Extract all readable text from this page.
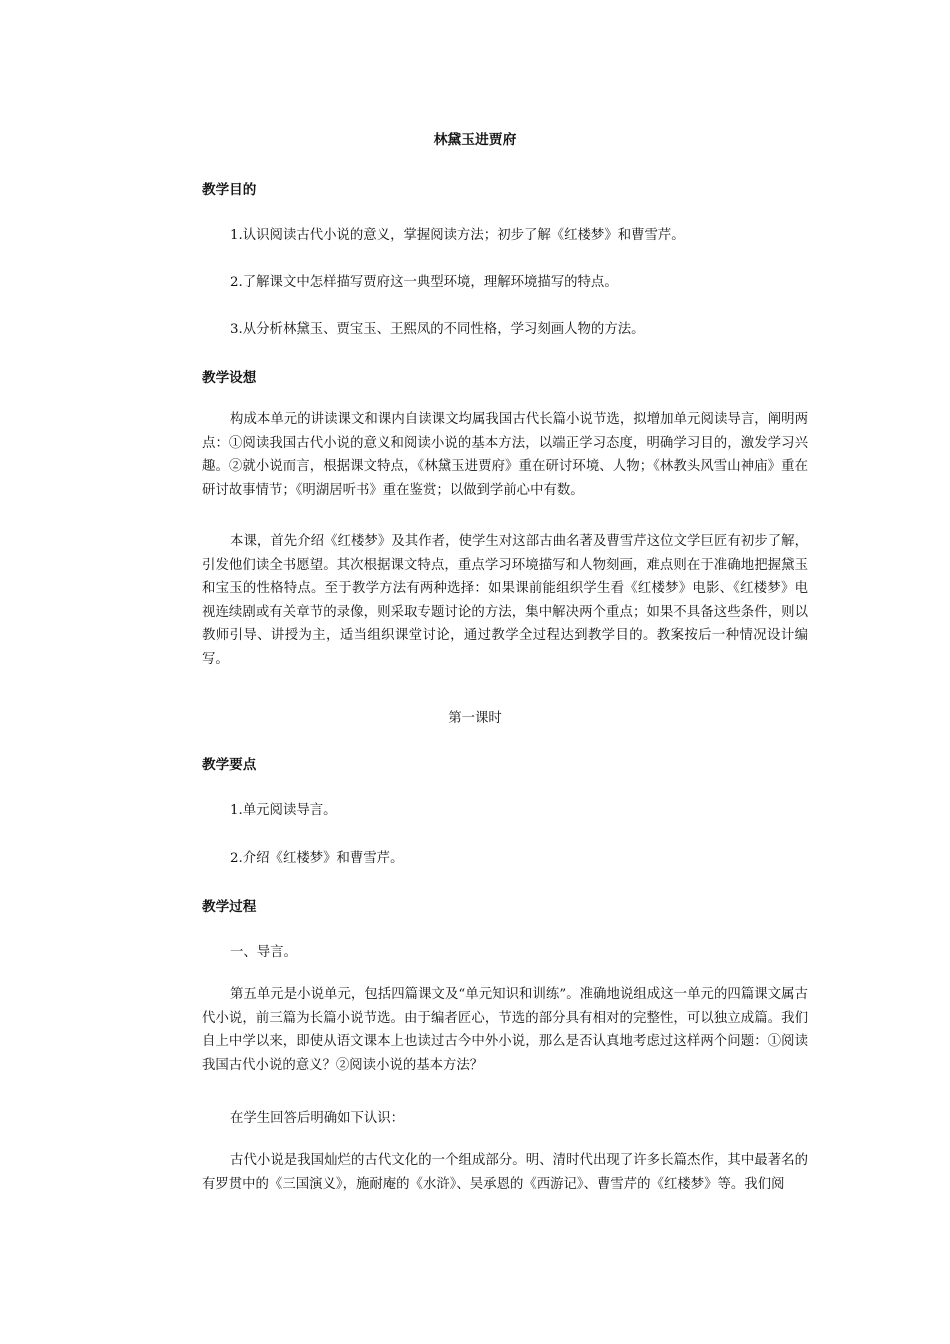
林黛玉进贾府
教学目的
1.认识阅读古代小说的意义，掌握阅读方法；初步了解《红楼梦》和曹雪芹。
2.了解课文中怎样描写贾府这一典型环境，理解环境描写的特点。
3.从分析林黛玉、贾宝玉、王熙凤的不同性格，学习刻画人物的方法。
教学设想
构成本单元的讲读课文和课内自读课文均属我国古代长篇小说节选，拟增加单元阅读导言，阐明两点：①阅读我国古代小说的意义和阅读小说的基本方法，以端正学习态度，明确学习目的，激发学习兴趣。②就小说而言，根据课文特点，《林黛玉进贾府》重在研讨环境、人物；《林教头风雪山神庙》重在研讨故事情节；《明湖居听书》重在鉴赏；以做到学前心中有数。
本课，首先介绍《红楼梦》及其作者，使学生对这部古曲名著及曹雪芹这位文学巨匠有初步了解，引发他们读全书愿望。其次根据课文特点，重点学习环境描写和人物刻画，难点则在于准确地把握黛玉和宝玉的性格特点。至于教学方法有两种选择：如果课前能组织学生看《红楼梦》电影、《红楼梦》电视连续剧或有关章节的录像，则采取专题讨论的方法，集中解决两个重点；如果不具备这些条件，则以教师引导、讲授为主，适当组织课堂讨论，通过教学全过程达到教学目的。教案按后一种情况设计编写。
第一课时
教学要点
1.单元阅读导言。
2.介绍《红楼梦》和曹雪芹。
教学过程
一、导言。
第五单元是小说单元，包括四篇课文及“单元知识和训练”。准确地说组成这一单元的四篇课文属古代小说，前三篇为长篇小说节选。由于编者匠心，节选的部分具有相对的完整性，可以独立成篇。我们自上中学以来，即使从语文课本上也读过古今中外小说，那么是否认真地考虑过这样两个问题：①阅读我国古代小说的意义？②阅读小说的基本方法？
在学生回答后明确如下认识：
古代小说是我国灿烂的古代文化的一个组成部分。明、清时代出现了许多长篇杰作，其中最著名的有罗贯中的《三国演义》，施耐庵的《水浒》、吴承恩的《西游记》、曹雪芹的《红楼梦》等。我们阅
